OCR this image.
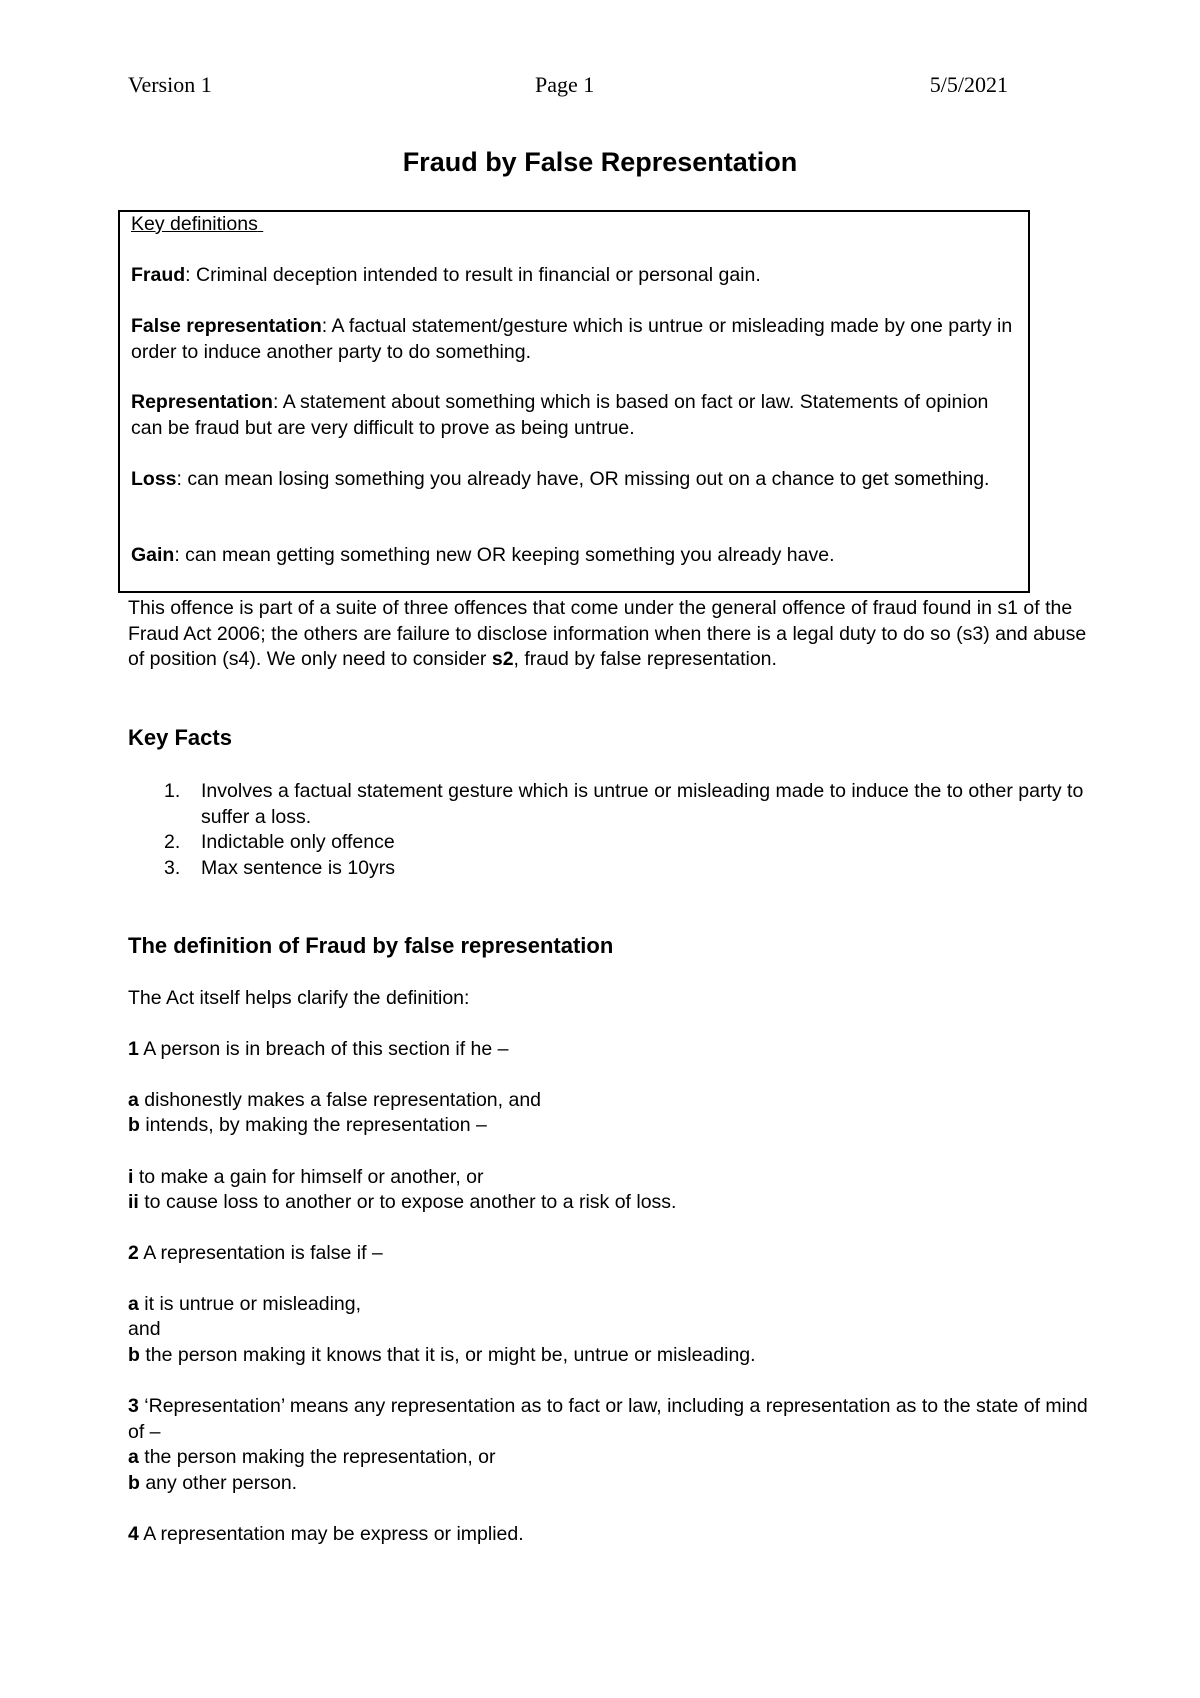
Version 1	Page 1	5/5/2021
Fraud by False Representation
Key definitions
Fraud: Criminal deception intended to result in financial or personal gain.
False representation: A factual statement/gesture which is untrue or misleading made by one party in order to induce another party to do something.
Representation: A statement about something which is based on fact or law. Statements of opinion can be fraud but are very difficult to prove as being untrue.
Loss: can mean losing something you already have, OR missing out on a chance to get something.
Gain: can mean getting something new OR keeping something you already have.
This offence is part of a suite of three offences that come under the general offence of fraud found in s1 of the Fraud Act 2006; the others are failure to disclose information when there is a legal duty to do so (s3) and abuse of position (s4). We only need to consider s2, fraud by false representation.
Key Facts
1. Involves a factual statement gesture which is untrue or misleading made to induce the to other party to suffer a loss.
2. Indictable only offence
3. Max sentence is 10yrs
The definition of Fraud by false representation
The Act itself helps clarify the definition:
1 A person is in breach of this section if he –
a dishonestly makes a false representation, and
b intends, by making the representation –
i to make a gain for himself or another, or
ii to cause loss to another or to expose another to a risk of loss.
2 A representation is false if –
a it is untrue or misleading,
and
b the person making it knows that it is, or might be, untrue or misleading.
3 ‘Representation’ means any representation as to fact or law, including a representation as to the state of mind of –
a the person making the representation, or
b any other person.
4 A representation may be express or implied.
